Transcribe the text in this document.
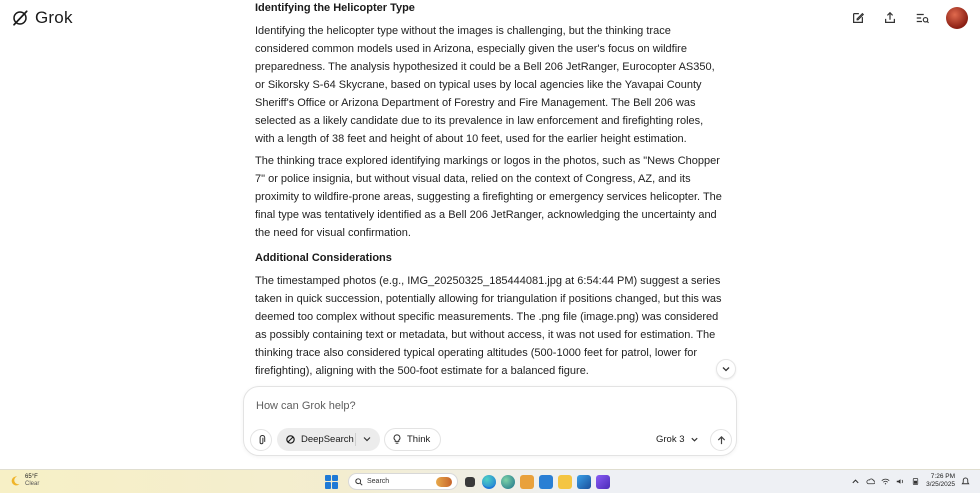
Grok	Identifying the Helicopter Type

Identifying the helicopter type without the images is challenging, but the thinking trace considered common models used in Arizona, especially given the user's focus on wildfire preparedness. The analysis hypothesized it could be a Bell 206 JetRanger, Eurocopter AS350, or Sikorsky S-64 Skycrane, based on typical uses by local agencies like the Yavapai County Sheriff's Office or Arizona Department of Forestry and Fire Management. The Bell 206 was selected as a likely candidate due to its prevalence in law enforcement and firefighting roles, with a length of 38 feet and height of about 10 feet, used for the earlier height estimation.

The thinking trace explored identifying markings or logos in the photos, such as "News Chopper 7" or police insignia, but without visual data, relied on the context of Congress, AZ, and its proximity to wildfire-prone areas, suggesting a firefighting or emergency services helicopter. The final type was tentatively identified as a Bell 206 JetRanger, acknowledging the uncertainty and the need for visual confirmation.

Additional Considerations

The timestamped photos (e.g., IMG_20250325_185444081.jpg at 6:54:44 PM) suggest a series taken in quick succession, potentially allowing for triangulation if positions changed, but this was deemed too complex without specific measurements. The .png file (image.png) was considered as possibly containing text or metadata, but without access, it was not used for estimation. The thinking trace also considered typical operating altitudes (500-1000 feet for patrol, lower for firefighting), aligning with the 500-foot estimate for a balanced figure.

How can Grok help?
DeepSearch	Think	Grok 3
65°F
Clear	Search
7:26 PM
3/25/2025
